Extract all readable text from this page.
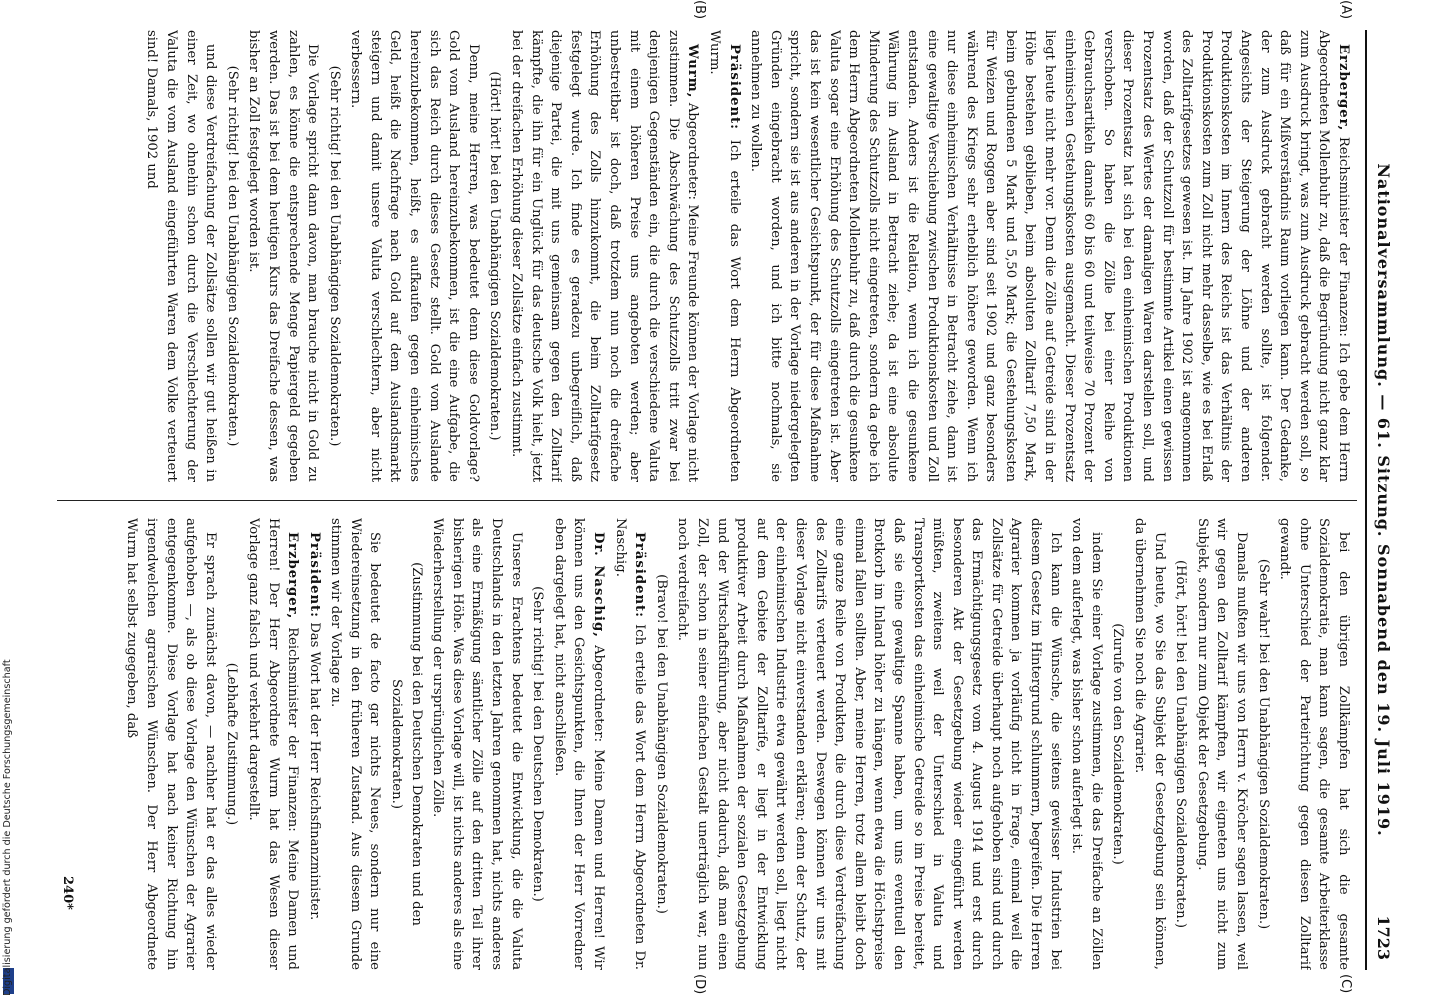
Nationalversammlung. — 61. Sitzung. Sonnabend den 19. Juli 1919.
1723
(A)
(B)
(C)
(D)

Erzberger, Reichsminister der Finanzen: Ich gebe dem Herrn Abgeordneten Mollenbuhr zu, daß die Begründung nicht ganz klar zum Ausdruck bringt, was zum Ausdruck gebracht werden soll, so daß für ein Mißverständnis Raum vorliegen kann. Der Gedanke, der zum Ausdruck gebracht werden sollte, ist folgender. Angesichts der Steigerung der Löhne und der anderen Produktionskosten im Innern des Reichs ist das Verhältnis der Produktionskosten zum Zoll nicht mehr dasselbe, wie es bei Erlaß des Zolltarifgesetzes gewesen ist. Im Jahre 1902 ist angenommen worden, daß der Schutzzoll für bestimmte Artikel einen gewissen Prozentsatz des Wertes der damaligen Waren darstellen soll, und dieser Prozentsatz hat sich bei den einheimischen Produktionen verschoben. So haben die Zölle bei einer Reihe von Gebrauchsartikeln damals 60 bis 60 und teilweise 70 Prozent der einheimischen Gestehungskosten ausgemacht. Dieser Prozentsatz liegt heute nicht mehr vor. Denn die Zölle auf Getreide sind in der Höhe bestehen geblieben, beim absoluten Zolltarif 7,50 Mark, beim gebundenen 5 Mark und 5,50 Mark; die Gestehungskosten für Weizen und Roggen aber sind seit 1902 und ganz besonders während des Kriegs sehr erheblich höhere geworden. Wenn ich nur diese einheimischen Verhältnisse in Betracht ziehe, dann ist eine gewaltige Verschiebung zwischen Produktionskosten und Zoll entstanden. Anders ist die Relation, wenn ich die gesunkene Währung im Ausland in Betracht ziehe; da ist eine absolute Minderung des Schutzzolls nicht eingetreten, sondern da gebe ich dem Herrn Abgeordneten Mollenbuhr zu, daß durch die gesunkene Valuta sogar eine Erhöhung des Schutzzolls eingetreten ist. Aber das ist kein wesentlicher Gesichtspunkt, der für diese Maßnahme spricht, sondern sie ist aus anderen in der Vorlage niedergelegten Gründen eingebracht worden, und ich bitte nochmals, sie annehmen zu wollen.

Präsident: Ich erteile das Wort dem Herrn Abgeordneten Wurm.

Wurm, Abgeordneter: Meine Freunde können der Vorlage nicht zustimmen. Die Abschwächung des Schutzzolls tritt zwar bei denjenigen Gegenständen ein, die durch die verschiedene Valuta mit einem höheren Preise uns angeboten werden; aber unbestreitbar ist doch, daß trotzdem nun noch die dreifache Erhöhung des Zolls hinzukommt, die beim Zolltarifgesetz festgelegt wurde. Ich finde es geradezu unbegreiflich, daß diejenige Partei, die mit uns gemeinsam gegen den Zolltarif kämpfte, die ihn für ein Unglück für das deutsche Volk hielt, jetzt bei der dreifachen Erhöhung dieser Zollsätze einfach zustimmt.

(Hört! hört! bei den Unabhängigen Sozialdemokraten.)

Denn, meine Herren, was bedeutet denn diese Goldvorlage? Gold vom Ausland hereinzubekommen, ist die eine Aufgabe, die sich das Reich durch dieses Gesetz stellt. Gold vom Auslande hereinzubekommen, heißt, es aufkaufen gegen einheimisches Geld, heißt die Nachfrage nach Gold auf dem Auslandsmarkt steigern und damit unsere Valuta verschlechtern, aber nicht verbessern.

(Sehr richtig! bei den Unabhängigen Sozialdemokraten.)

Die Vorlage spricht dann davon, man brauche nicht in Gold zu zahlen, es könne die entsprechende Menge Papiergeld gegeben werden. Das ist bei dem heutigen Kurs das Dreifache dessen, was bisher an Zoll festgelegt worden ist.

(Sehr richtig! bei den Unabhängigen Sozialdemokraten.)

und diese Verdreifachung der Zollsätze sollen wir gut heißen in einer Zeit, wo ohnehin schon durch die Verschlechterung der Valuta die vom Ausland eingeführten Waren dem Volke verteuert sind! Damals, 1902 und

bei den übrigen Zollkämpfen hat sich die gesamte Sozialdemokratie, man kann sagen, die gesamte Arbeiterklasse ohne Unterschied der Parteirichtung gegen diesen Zolltarif gewandt.

(Sehr wahr! bei den Unabhängigen Sozialdemokraten.)

Damals mußten wir uns von Herrn v. Kröcher sagen lassen, weil wir gegen den Zolltarif kämpften, wir eigneten uns nicht zum Subjekt, sondern nur zum Objekt der Gesetzgebung.

(Hört, hört! bei den Unabhängigen Sozialdemokraten.)

Und heute, wo Sie das Subjekt der Gesetzgebung sein können, da übernehmen Sie noch die Agrarier.

(Zurufe von den Sozialdemokraten.)

indem Sie einer Vorlage zustimmen, die das Dreifache an Zöllen von dem auferlegt, was bisher schon auferlegt ist.

Ich kann die Wünsche, die seitens gewisser Industrien bei diesem Gesetz im Hintergrund schlummern, begreifen. Die Herren Agrarier kommen ja vorläufig nicht in Frage, einmal weil die Zollsätze für Getreide überhaupt noch aufgehoben sind und durch das Ermächtigungsgesetz vom 4. August 1914 und erst durch besonderen Akt der Gesetzgebung wieder eingeführt werden müßten, zweitens weil der Unterschied in Valuta und Transportkosten das einheimische Getreide so im Preise bereitet, daß sie eine gewaltige Spanne haben, um uns eventuell den Brotkorb im Inland höher zu hängen, wenn etwa die Höchstpreise einmal fallen sollten. Aber, meine Herren, trotz allem bleibt doch eine ganze Reihe von Produkten, die durch diese Verdreifachung des Zolltarifs verteuert werden. Deswegen können wir uns mit dieser Vorlage nicht einverstanden erklären; denn der Schutz, der der einheimischen Industrie etwa gewährt werden soll, liegt nicht auf dem Gebiete der Zolltarife, er liegt in der Entwicklung produktiver Arbeit durch Maßnahmen der sozialen Gesetzgebung und der Wirtschaftsführung, aber nicht dadurch, daß man einen Zoll, der schon in seiner einfachen Gestalt unerträglich war, nun noch verdreifacht.

(Bravo! bei den Unabhängigen Sozialdemokraten.)

Präsident: Ich erteile das Wort dem Herrn Abgeordneten Dr. Naschig.

Dr. Naschig, Abgeordneter: Meine Damen und Herren! Wir können uns den Gesichtspunkten, die Ihnen der Herr Vorredner eben dargelegt hat, nicht anschließen.

(Sehr richtig! bei den Deutschen Demokraten.)

Unseres Erachtens bedeutet die Entwicklung, die die Valuta Deutschlands in den letzten Jahren genommen hat, nichts anderes als eine Ermäßigung sämtlicher Zölle auf den dritten Teil ihrer bisherigen Höhe. Was diese Vorlage will, ist nichts anderes als eine Wiederherstellung der ursprünglichen Zölle.

(Zustimmung bei den Deutschen Demokraten und den Sozialdemokraten.)

Sie bedeutet de facto gar nichts Neues, sondern nur eine Wiedereinsetzung in den früheren Zustand. Aus diesem Grunde stimmen wir der Vorlage zu.

Präsident: Das Wort hat der Herr Reichsfinanzminister.

Erzberger, Reichsminister der Finanzen: Meine Damen und Herren! Der Herr Abgeordnete Wurm hat das Wesen dieser Vorlage ganz falsch und verkehrt dargestellt.

(Lebhafte Zustimmung.)

Er sprach zunächst davon, — nachher hat er das alles wieder aufgehoben —, als ob diese Vorlage den Wünschen der Agrarier entgegenkomme. Diese Vorlage hat nach keiner Richtung hin irgendwelchen agrarischen Wünschen. Der Herr Abgeordnete Wurm hat selbst zugegeben, daß

240*
Digitalisierung gefördert durch die Deutsche Forschungsgemeinschaft
